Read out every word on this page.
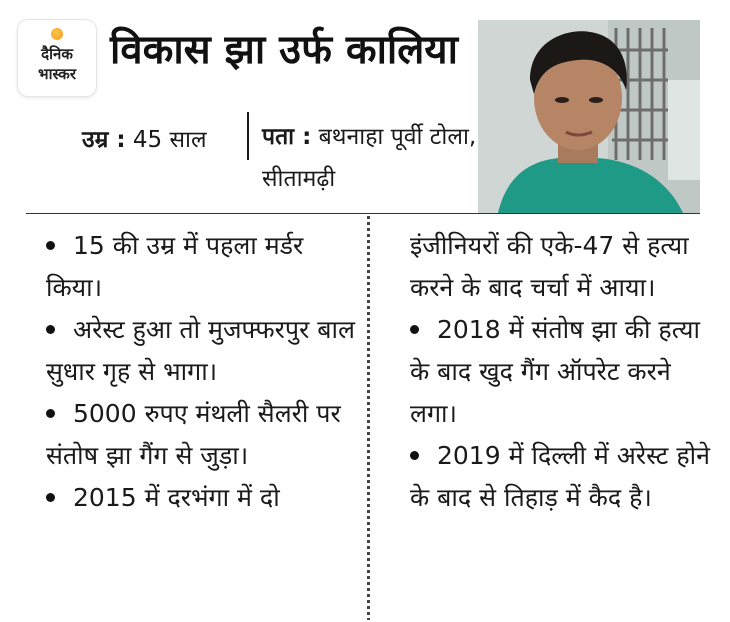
दैनिक
भास्कर
विकास झा उर्फ कालिया
उम्र : 45 साल पता : बथनाहा पूर्वी टोला, सीतामढ़ी
15 की उम्र में पहला मर्डर किया।
अरेस्ट हुआ तो मुजफ्फरपुर बाल सुधार गृह से भागा।
5000 रुपए मंथली सैलरी पर संतोष झा गैंग से जुड़ा।
2015 में दरभंगा में दो
इंजीनियरों की एके-47 से हत्या करने के बाद चर्चा में आया।
2018 में संतोष झा की हत्या के बाद खुद गैंग ऑपरेट करने लगा।
2019 में दिल्ली में अरेस्ट होने के बाद से तिहाड़ में कैद है।
